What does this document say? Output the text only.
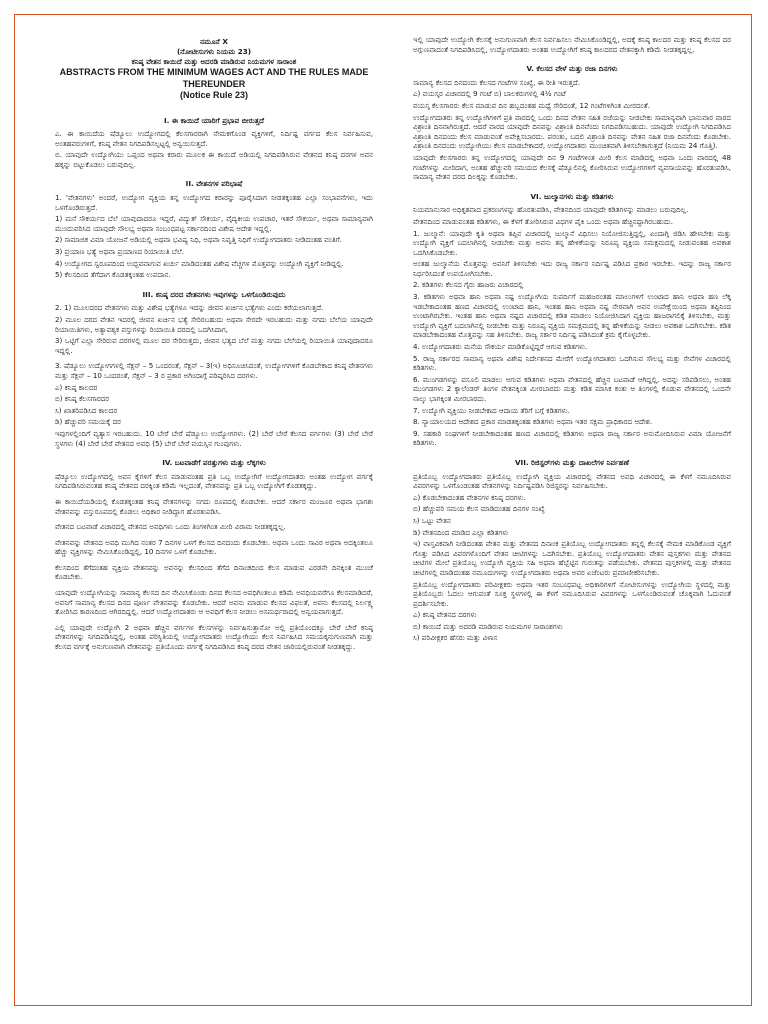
ನಮೂನೆ X
(ನೋಟೀಸುಗಳು ನಿಯಮ 23)
ಕನಿಷ್ಠ ವೇತನ ಕಾಯಿದೆ ಮತ್ತು ಅದರಡಿ ಮಾಡಿರುವ ನಿಯಮಗಳ ಸಾರಾಂಶ
ABSTRACTS FROM THE MINIMUM WAGES ACT AND THE RULES MADE
THEREUNDER
(Notice Rule 23)
I. ಈ ಕಾಯಿದೆ ಯಾರಿಗೆ ಪ್ರಭಾವ ಬೀರುತ್ತದೆ

ಎ. ಈ ಕಾಯಿದೆಯ ಷೆಡ್ಯೂಲು ಉದ್ಯೋಗದಲ್ಲಿ ಕೆಲಸಗಾರರಾಗಿ ನೇಮಕಗೊಂಡ ವ್ಯಕ್ತಿಗಳಿಗೆ, ನಿರ್ದಿಷ್ಟ ವರ್ಗದ ಕೆಲಸ ನಿರ್ವಹಿಸುವ, ಅಂತಹವರುಗಳಿಗೆ, ಕನಿಷ್ಠ ವೇತನ ನಿಗದಿಪಡಿಸಲ್ಪಟ್ಟಲ್ಲಿ ಅನ್ವಯಿಸುತ್ತದೆ.

ಬಿ. ಯಾವುದೇ ಉದ್ಯೋಗಿಯು ಒಪ್ಪಂದ ಅಥವಾ ಕರಾರು ಮೂಲಕ ಈ ಕಾಯಿದೆ ಅಡಿಯಲ್ಲಿ ನಿಗದಿಪಡಿಸಿರುವ ವೇತನದ ಕನಿಷ್ಠ ದರಗಳ ಅವನ ಹಕ್ಕನ್ನು ಬಿಟ್ಟುಕೊಡಲು ಬರುವುದಿಲ್ಲ.

II. ವೇತನಗಳ ಪರಿಭಾಷೆ

1. 'ವೇತನಗಳು' ಅಂದರೆ, ಉದ್ಯೋಗ ವ್ಯಕ್ತಿಯ ತನ್ನ ಉದ್ಯೋಗದ ಕರಾರನ್ನು ಪೂರೈಸಿದಾಗ ನೀಡತಕ್ಕಂತಹ ಎಲ್ಲಾ ಸಂಭಾವನೆಗಳು, ಇದು ಒಳಗೊಂಡಿರುತ್ತದೆ.

1) ಮನೆ ಸೌಕರ್ಯದ ಬೆಲೆ ಯಾವುದಾದರೂ ಇದ್ದರೆ, ವಿದ್ಯುತ್ ಸೌಕರ್ಯ, ವೈದ್ಯಕೀಯ ಉಪಚಾರ, ಇತರೆ ಸೌಕರ್ಯ, ಅಥವಾ ಸಾಮಾನ್ಯವಾಗಿ ಮುಂದುವರಿಸಿದ ಯಾವುದೇ ಸೌಲಭ್ಯ ಅಥವಾ ಸಂಬಂಧಪಟ್ಟ ಸರ್ಕಾರದಿಂದ ವಿಶೇಷ ಆದೇಶ ಇದ್ದಲ್ಲಿ.

2) ಸಾಮಾಜಿಕ ವಿಮಾ ಯೋಜನೆ ಅಡಿಯಲ್ಲಿ ಅಥವಾ ಭವಿಷ್ಯ ನಿಧಿ, ಅಥವಾ ನಿವೃತ್ತಿ ನಿಧಿಗೆ ಉದ್ಯೋಗದಾತರು ನೀಡಿದಂತಹ ವಂತಿಗೆ.

3) ಪ್ರಯಾಣ ಭತ್ಯೆ ಅಥವಾ ಪ್ರಯಾಣದ ರಿಯಾಯಿತಿ ಬೆಲೆ.

4) ಉದ್ಯೋಗದ ಸ್ವರೂಪದಿಂದ ಉದ್ಭವವಾಗುವ ಖರ್ಚು ಮಾಡಿದಂತಹ ವಿಶೇಷ ವೆಚ್ಚಗಳ ಮೊತ್ತವನ್ನು ಉದ್ಯೋಗಿ ವ್ಯಕ್ತಿಗೆ ನೀಡಿದ್ದಲ್ಲಿ.

5) ಕೆಲಸದಿಂದ ತೆಗೆದಾಗ ಕೊಡತಕ್ಕಂತಹ ಉಪದಾನ.

III. ಕನಿಷ್ಠ ದರದ ವೇತನಗಳು ಇವುಗಳನ್ನು ಒಳಗೊಂಡಿರುವುದು

2. 1) ಮೂಲದರದ ವೇತನಗಳು ಮತ್ತು ವಿಶೇಷ ಭತ್ಯೆಗಳೂ ಇದನ್ನು ಜೀವನ ಖರ್ಚಿನ ಭತ್ಯೆಗಳು ಎಂದು ಕರೆಯಲಾಗುತ್ತದೆ.

2) ಮೂಲ ದರದ ವೇತನ ಇದರಲ್ಲಿ ಜೀವನ ಖರ್ಚಿನ ಭತ್ಯೆ ಸೇರಿರಬಹುದು ಅಥವಾ ಸೇರದೇ ಇರಬಹುದು ಮತ್ತು ನಗದು ಬೆಲೆಯ ಯಾವುದೇ ರಿಯಾಯಿತಿಗಳು, ಅತ್ಯಾವಶ್ಯಕ ವಸ್ತುಗಳನ್ನು ರಿಯಾಯಿತಿ ದರದಲ್ಲಿ ಒದಗಿಸಿದಾಗ,

3) ಒಟ್ಟಿಗೆ ಎಲ್ಲಾ ಸೇರಿರುವ ದರಗಳಲ್ಲಿ ಮೂಲ ದರ ಸೇರಿರುತ್ತದು, ಜೀವನ ಭತ್ಯದ ಬೆಲೆ ಮತ್ತು ನಗದು ಬೆಲೆಯಲ್ಲಿ ರಿಯಾಯಿತಿ ಯಾವುದಾದರೂ ಇದ್ದಲ್ಲಿ.

3. ಷೆಡ್ಯೂಲು ಉದ್ಯೋಗಗಳಲ್ಲಿ ಸೆಕ್ಷನ್ – 5 ಒಂದರಂತೆ, ಸೆಕ್ಷನ್ – 3(ಇ) ಅಧಿಸೂಚಿಸಿದಂತೆ, ಉದ್ಯೋಗಗಳಿಗೆ ಕೊಡಬೇಕಾದ ಕನಿಷ್ಠ ವೇತನಗಳು ಮತ್ತು ಸೆಕ್ಷನ್ – 10 ಒಂದರಂತೆ, ಸೆಕ್ಷನ್ – 3 ರ ಪ್ರಕಾರ ಅಗಿಂದಾಗ್ಗೆ ಪರಿಷ್ಕರಿಸಿದ ದರಗಳು.

ಎ) ಕನಿಷ್ಠ ಕಾಲದರ

ಬಿ) ಕನಿಷ್ಠ ಕೆಲಸಗಾರದರ

ಸಿ) ಖಾತರಿಪಡಿಸಿದ ಕಾಲದರ

ಡಿ) ಹೆಚ್ಚುವರಿ ಸಮಯಕ್ಕೆ ದರ

ಇವುಗಳಲ್ಲಿಂದಿಗೆ ವ್ಯತ್ಯಾಸ ಇರಬಹುದು. 10 ಬೇರೆ ಬೇರೆ ಷೆಡ್ಯೂಲು ಉದ್ಯೋಗಗಳು. (2) ಬೇರೆ ಬೇರೆ ಕೆಲಸದ ವರ್ಗಗಳು (3) ಬೇರೆ ಬೇರೆ ಸ್ಥಳಗಳು (4) ಬೇರೆ ಬೇರೆ ವೇತನದ ಅವಧಿ (5) ಬೇರೆ ಬೇರೆ ವಯಸ್ಸಿನ ಗುಂಪುಗಳು.

IV. ಬಟವಾಡೆಗೆ ಪರತ್ತುಗಳು ಮತ್ತು ಲೆಕ್ಕಗಳು

ಷೆಡ್ಯೂಲು ಉದ್ಯೋಗದಲ್ಲಿ ಅವನ ಕೈಗಳಿಗೆ ಕೆಲಸ ಮಾಡುವಂತಹ ಪ್ರತಿ ಒಬ್ಬ ಉದ್ಯೋಗಿಗೆ ಉದ್ಯೋಗದಾತರು ಅಂತಹ ಉದ್ಯೋಗ ವರ್ಗಕ್ಕೆ ನಿಗದಿಪಡಿಸಿರುವಂತಹ ಕನಿಷ್ಠ ವೇತನದ ದರಕ್ಕಿಂತ ಕಡಿಮೆ ಇಲ್ಲದಂತೆ, ವೇತನವನ್ನು ಪ್ರತಿ ಒಬ್ಬ ಉದ್ಯೋಗಿಗೆ ಕೊಡತಕ್ಕದ್ದು.

ಈ ಕಾಯಿದೆಯಡಿಯಲ್ಲಿ ಕೊಡತಕ್ಕಂತಹ ಕನಿಷ್ಠ ವೇತನಗಳನ್ನು ನಗದು ರೂಪದಲ್ಲಿ ಕೊಡಬೇಕು. ಆದರೆ ಸರ್ಕಾರ ಮಂಜೂರ ಅಥವಾ ಭಾಗಶಃ ವೇತನವನ್ನು ವಸ್ತುರೂಪದಲ್ಲಿ ಕೊಡಲು ಅಧಿಕಾರ ನೀಡಿದ್ದಾಗ ಹೊರತುಪಡಿಸಿ.

ವೇತನದ ಬಟವಾಡೆ ವಿಚಾರದಲ್ಲಿ ವೇತನದ ಅವಧಿಗಳು ಒಂದು ತಿಂಗಳಿಗಿಂತ ಮೀರಿ ವಿರಾಮ ನೀಡತಕ್ಕದ್ದಲ್ಲ.

ವೇತನವನ್ನು ವೇತನದ ಅವಧಿ ಮುಗಿದ ನಂತರ 7 ದಿನಗಳ ಒಳಗೆ ಕೆಲಸದ ದಿನದಂದು ಕೊಡಬೇಕು. ಅಥವಾ ಒಂದು ಸಾವಿರ ಅಥವಾ ಅದಕ್ಕಿಂತಲೂ ಹೆಚ್ಚು ವ್ಯಕ್ತಿಗಳನ್ನು ನೇಮಿಸಿಕೊಂಡಿದ್ದಲ್ಲಿ, 10 ದಿನಗಳ ಒಳಗೆ ಕೊಡಬೇಕು.

ಕೆಲಸದಿಂದ ತೆಗೆದಂತಹ ವ್ಯಕ್ತಿಯ ವೇತನವನ್ನು ಅವನನ್ನು ಕೆಲಸದಿಂದ ತೆಗೆದ ದಿನಾಂಕದಿಂದ ಕೆಲಸ ಮಾಡುವ ಎರಡನೇ ದಿನಕ್ಕಿಂತ ಮುಂಚೆ ಕೊಡಬೇಕು.

ಯಾವುದೇ ಉದ್ಯೋಗಿಯನ್ನು ಸಾಮಾನ್ಯ ಕೆಲಸದ ದಿನ ನೇಮಿಸಿಕೊಂಡು ದಿನದ ಕೆಲಸದ ಅವಧಿಗಿಂತಲೂ ಕಡಿಮೆ ಅವಧಿಯವರೆಗೂ ಕೆಲಸಮಾಡಿದರೆ, ಅವನಿಗೆ ಸಾಮಾನ್ಯ ಕೆಲಸದ ದಿನದ ಪೂರ್ಣ ವೇತನವನ್ನು ಕೊಡಬೇಕು. ಆದರೆ ಅವನು ಮಾಡುವ ಕೆಲಸದ ವಿಫಲತೆ, ಅವನು ಕೆಲಸದಲ್ಲಿ ನಿರ್ಲಕ್ಷ್ಯ ತೋರಿಸಿದ ಕಾರಣದಿಂದ ಆಗಿರದಿದ್ದಲ್ಲಿ. ಆದರೆ ಉದ್ಯೋಗದಾತರು ಆ ಅವಧಿಗೆ ಕೆಲಸ ನೀಡಲು ಅಸಮರ್ಥರಾದಲ್ಲಿ ಅನ್ವಯವಾಗುತ್ತದೆ.

ಎಲ್ಲಿ ಯಾವುದೇ ಉದ್ಯೋಗಿ 2 ಅಥವಾ ಹೆಚ್ಚಿನ ವರ್ಗಗಳ ಕೆಲಸಗಳನ್ನು ನಿರ್ವಹಿಸುತ್ತಾನೋ ಅಲ್ಲಿ ಪ್ರತಿಯೊಂದಕ್ಕೂ ಬೇರೆ ಬೇರೆ ಕನಿಷ್ಠ ವೇತನಗಳನ್ನು ನಿಗದಿಪಡಿಸಿದ್ದಲ್ಲಿ, ಅಂತಹ ಪರಿಸ್ಥಿತಿಯಲ್ಲಿ ಉದ್ಯೋಗದಾತರು ಉದ್ಯೋಗಿಯು ಕೆಲಸ ನಿರ್ವಹಿಸಿದ ಸಮಯಕ್ಕನುಗುಣವಾಗಿ ಮತ್ತು ಕೆಲಸದ ವರ್ಗಕ್ಕೆ ಅನುಗುಣವಾಗಿ ವೇತನವನ್ನು ಪ್ರತಿಯೊಂದು ವರ್ಗಕ್ಕೆ ನಿಗದಿಪಡಿಸಿದ ಕನಿಷ್ಠ ದರದ ವೇತನ ಜಾರಿಯಲ್ಲಿರುವಂತೆ ನೀಡತಕ್ಕದ್ದು.

ಇಲ್ಲಿ ಯಾವುದೇ ಉದ್ಯೋಗಿ ಕೆಲಸಕ್ಕೆ ಅನುಗುಣವಾಗಿ ಕೆಲಸ ನಿರ್ವಹಿಸಲು ನೇಮಿಸಿಕೊಂಡಿದ್ದಲ್ಲಿ, ಅದಕ್ಕೆ ಕನಿಷ್ಠ ಕಾಲದರ ಮತ್ತು ಕನಿಷ್ಠ ಕೆಲಸದ ದರ ಅಗ್ಗುಣವಾದಂತೆ ನಿಗದಿಪಡಿಸಿದಲ್ಲಿ, ಉದ್ಯೋಗದಾತರು ಅಂತಹ ಉದ್ಯೋಗಿಗೆ ಕನಿಷ್ಠ ಕಾಲದರದ ವೇತನಕ್ಕಾಗಿ ಕಡಿಮೆ ನೀಡತಕ್ಕದ್ದಲ್ಲ.

V. ಕೆಲಸದ ವೇಳೆ ಮತ್ತು ರಜಾ ದಿನಗಳು

ಸಾಮಾನ್ಯ ಕೆಲಸದ ದಿನದಂದು ಕೆಲಸದ ಗಂಟೆಗಳ ಸಂಖ್ಯೆ, ಈ ರೀತಿ ಇರುತ್ತದೆ.

ಎ) ವಯಸ್ಕರ ವಿಚಾರದಲ್ಲಿ 9 ಗಂಟೆ ಬಿ) ಬಾಲಕರುಗಳಲ್ಲಿ 4½ ಗಂಟೆ

ವಯಸ್ಕ ಕೆಲಸಗಾರರು ಕೆಲಸ ಮಾಡುವ ದಿನ ಹಬ್ಬದಂತಹ ಮಧ್ಯೆ ಸೇರಿದಂತೆ, 12 ಗಂಟೆಗಳಿಗಿಂತ ಮೀರದಂತೆ.

ಉದ್ಯೋಗದಾತರು ತನ್ನ ಉದ್ಯೋಗಿಗಳಿಗೆ ಪ್ರತಿ ವಾರದಲ್ಲಿ ಒಂದು ದಿನದ ವೇತನ ಸಹಿತ ರಜೆಯನ್ನು ನೀಡಬೇಕು ಸಾಮಾನ್ಯವಾಗಿ ಭಾನುವಾರ ವಾರದ ವಿಶ್ರಾಂತಿ ದಿನವಾಗಿರುತ್ತದೆ. ಆದರೆ ವಾರದ ಯಾವುದೇ ದಿನವನ್ನು ವಿಶ್ರಾಂತಿ ದಿನವೆಂದು ನಿಗದಿಪಡಿಸಬಹುದು. ಯಾವುದೇ ಉದ್ಯೋಗಿ ನಿಗದಿಪಡಿಸಿದ ವಿಶ್ರಾಂತಿ ದಿನದಂದು ಕೆಲಸ ಮಾಡುವಂತೆ ಅಪೇಕ್ಷಿಸಬಾರದು. ಪರಂತು, ಬದಲಿ ವಿಶ್ರಾಂತಿ ದಿನವನ್ನು ವೇತನ ಸಹಿತ ರಜಾ ದಿನವೆಂದು ಕೊಡಬೇಕು. ವಿಶ್ರಾಂತಿ ದಿನದಂದು ಉದ್ಯೋಗಿಯು ಕೆಲಸ ಮಾಡಬೇಕಾದರೆ, ಉದ್ಯೋಗದಾತರು ಮುಂಚಿತವಾಗಿ ತಿಳಿಸಬೇಕಾಗುತ್ತದೆ (ನಿಯಮ 24 ಗೊತ್ತಿ).

ಯಾವುದೇ ಕೆಲಸಗಾರರು ತನ್ನ ಉದ್ಯೋಗದಲ್ಲಿ ಯಾವುದೇ ದಿನ 9 ಗಂಟೆಗಳಿಂತ ಮೀರಿ ಕೆಲಸ ಮಾಡಿದಲ್ಲಿ ಅಥವಾ ಒಂದು ವಾರದಲ್ಲಿ 48 ಗಂಟೆಗಳನ್ನು ಮೀರಿದಾಗ, ಅಂತಹ ಹೆಚ್ಚುವರಿ ಸಮಯದ ಕೆಲಸಕ್ಕೆ ಷೆಡ್ಯೂಲಿನಲ್ಲಿ ಕೋರಿಸಿರುವ ಉದ್ಯೋಗಗಳಿಗೆ ವ್ಯವಸಾಯವನ್ನು ಹೊರತುಪಡಿಸಿ, ಸಾಮಾನ್ಯ ವೇತನ ದರದ ದಿಲಕ್ಕನ್ನು ಕೊಡಬೇಕು.

VI. ಜುಲ್ಮಾನಗಳು ಮತ್ತು ಕಡಿತಗಳು

ನಿಯಮಾನುಸಾರ ಅಧಿಕೃತವಾದ ಪ್ರಕರಣಗಳನ್ನು ಹೊರತುಪಡಿಸಿ, ವೇತನದಿಂದ ಯಾವುದೇ ಕಡಿತಗಳನ್ನು ಮಾಡಲು ಬರುವುದಿಲ್ಲ.

ವೇತನದಿಂದ ಮಾಡುವಂತಹ ಕಡಿತಗಳು, ಈ ಕೆಳಗೆ ತೋರಿಸಿರುವ ವಿಧಗಳ ಪೈಕಿ ಒಂದು ಅಥವಾ ಹೆಚ್ಚಿನದ್ದಾಗಿರಬಹುದು.

1. ಜುಲ್ಮಾನೆ: ಯಾವುದೇ ಕೃತಿ ಅಥವಾ ತಪ್ಪಿನ ವಿಚಾರದಲ್ಲಿ ಜುಲ್ಮಾನೆ ವಿಧಿಸಲು ನಿಯೋಜಿಸುತ್ತಿದ್ದಲ್ಲಿ, ಏಂದಾಗ್ಗಿ ಜಿಡಿಸಿ ಹೇಳಬೇಕು ಮತ್ತು ಉದ್ಯೋಗಿ ವ್ಯಕ್ತಿಗೆ ಬದಲಾಗಿನಲ್ಲಿ ನೀಡಬೇಕು ಮತ್ತು ಅವನು ತನ್ನ ಹೇಳಿಕೆಯನ್ನು ನಿರೂಪ್ಯ ವ್ಯಕ್ತಿಯ ಸಮಕ್ಷಮದಲ್ಲಿ ನೀಡುವಂತಹ ಅವಕಾಶ ಒದಗಿಸಿಕೊಡಬೇಕು.

ಅಂತಹ ಜುಲ್ಮಾನೆಯ ಮೊತ್ತವನ್ನು ಅವನಿಗೆ ತಿಳಿಸಬೇಕು ಇದು ರಾಜ್ಯ ಸರ್ಕಾರ ನಿರ್ದಿಷ್ಟ ಪಡಿಸಿದ ಪ್ರಕಾರ ಇರಬೇಕು. ಇದನ್ನು ರಾಜ್ಯ ಸರ್ಕಾರ ನಿರ್ಧರಿಸಿದಂತೆ ಉಪಯೋಗಿಸಬೇಕು.

2. ಕಡಿತಗಳು ಕೆಲಸದ ಗೈರು ಹಾಜರು ವಿಚಾರದಲ್ಲಿ

3. ಕಡಿತಗಳು ಅಥವಾ ಹಾನಿ ಅಥವಾ ನಷ್ಟ ಉದ್ಯೋಗಿಯ ಸುಪರ್ದಿಗೆ ಮಹಜರಂತಹ ಮಾಲುಗಳಿಗೆ ಉಂಟಾದ ಹಾನಿ ಅಥವಾ ಹಣ ಲೆಕ್ಕ ಇಡಬೇಕಾದಂತಹ ಹಣದ ವಿಚಾರದಲ್ಲಿ ಉಂಟಾದ ಹಾನಿ, ಇಂತಹ ಹಾನಿ ಅಥವಾ ನಷ್ಟ ನೇರವಾಗಿ ಅವನ ಉಪೇಕ್ಷೆಯಿಂದ ಅಥವಾ ತಪ್ಪಿನಿಂದ ಉಂಟಾಗಿರಬೇಕು. ಇಂತಹ ಹಾನಿ ಅಥವಾ ನಷ್ಟದ ವಿಚಾರದಲ್ಲಿ ಕಡಿತ ಮಾಡಲು ನಿಯೋಜಿಸಿದಾಗ ವ್ಯಕ್ತಿಯ ಹಾಜರಾಗಲಿಕ್ಕೆ ತಿಳಿಸಬೇಕು, ಮತ್ತು ಉದ್ಯೋಗಿ ವ್ಯಕ್ತಿಗೆ ಬದಲಾಗಿನಲ್ಲಿ ನೀಡಬೇಕು ಮತ್ತು ನಿರೂಪ್ಯ ವ್ಯಕ್ತಿಯ ಸಮಕ್ಷಮದಲ್ಲಿ ತನ್ನ ಹೇಳಿಕೆಯನ್ನು ನೀಡಲು ಅವಕಾಶ ಒದಗಿಸಬೇಕು. ಕಡಿತ ಮಾಡಬೇಕಾದಂತಹ ಮೊತ್ತವನ್ನು ಸಹ ತಿಳಿಸಬೇಕು. ರಾಜ್ಯ ಸರ್ಕಾರ ನಿರ್ದಿಷ್ಟ ಪಡಿಸಿದಂತೆ ಕ್ರಮ ಕೈಗೊಳ್ಳಬೇಕು.

4. ಉದ್ಯೋಗದಾತರು ಮನೆಯ ಸೌಕರ್ಯ ಮಾಡಿಕೊಟ್ಟಿದ್ದರೆ ಆಗುವ ಕಡಿತಗಳು.

5. ರಾಜ್ಯ ಸರ್ಕಾರದ ಸಾಮಾನ್ಯ ಅಥವಾ ವಿಶೇಷ ನಿರ್ದೇಶನದ ಮೇರೆಗೆ ಉದ್ಯೋಗದಾತರು ಒದಗಿಸುವ ಸೌಲಭ್ಯ ಮತ್ತು ಸೇವೆಗಳ ವಿಚಾರದಲ್ಲಿ ಕಡಿತಗಳು.

6. ಮುಂಗಡಗಳನ್ನು ವಸೂಲಿ ಮಾಡಲು ಆಗುವ ಕಡಿತಗಳು ಅಥವಾ ವೇತನದಲ್ಲಿ ಹೆಚ್ಚಿನ ಬಟವಾಡೆ ಆಗಿದ್ದಲ್ಲಿ, ಅದನ್ನು ಸರಿಪಡಿಸಲು, ಅಂತಹ ಮುಂಗಡಗಳು 2 ಕ್ಯಾಲೆಂಡರ್ ತಿಂಗಳ ವೇತನಕ್ಕಿಂತ ಮೀರಬಾರದು ಮತ್ತು ಕಡಿತ ಮಾಸಿಕ ಕಂತು ಆ ತಿಂಗಳಲ್ಲಿ ಕೊಡುವ ವೇತನದಲ್ಲಿ ಒಂದನೇ ನಾಲ್ಕು ಭಾಗಕ್ಕಿಂತ ಮೀರಬಾರದು.

7. ಉದ್ಯೋಗಿ ವ್ಯಕ್ತಿಯು ನೀಡಬೇಕಾದ ಆದಾಯ ತೆರಿಗೆ ಬಗ್ಗೆ ಕಡಿತಗಳು.

8. ನ್ಯಾಯಾಲಯದ ಆದೇಶದ ಪ್ರಕಾರ ಮಾಡತಕ್ಕಂತಹ ಕಡಿತಗಳು ಅಥವಾ ಇತರ ಸಕ್ಷಮ ಪ್ರಾಧಿಕಾರದ ಆದೇಶ.

9. ಸಹಕಾರಿ ಸಂಘಗಳಿಗೆ ನೀಡಬೇಕಾದಂತಹ ಹಣದ ವಿಚಾರದಲ್ಲಿ ಕಡಿತಗಳು ಅಥವಾ ರಾಜ್ಯ ಸರ್ಕಾರ ಅನುಮೋದಿಸಿರುವ ವಿಮಾ ಯೋಜನೆಗೆ ಕಡಿತಗಳು.

VII. ರಿಜಿಸ್ಟರ್‌ಗಳು ಮತ್ತು ದಾಖಲೆಗಳ ನಿರ್ವಹಣೆ

ಪ್ರತಿಯೊಬ್ಬ ಉದ್ಯೋಗದಾತರು ಪ್ರತಿಯೊಬ್ಬ ಉದ್ಯೋಗಿ ವ್ಯಕ್ತಿಯ ವಿಚಾರದಲ್ಲಿ ವೇತನದ ಅವಧಿ ವಿಚಾರದಲ್ಲಿ ಈ ಕೆಳಗೆ ನಮೂದಿಸಿರುವ ವಿವರಗಳನ್ನು ಒಳಗೊಂಡಂತಹ ವೇತನಗಳನ್ನು ನಿರ್ದಿಷ್ಟಪಡಿಸಿ ರಿಜಿಸ್ಟರನ್ನು ನಿರ್ವಹಿಸಬೇಕು.

ಎ) ಕೊಡಬೇಕಾದಂತಹ ವೇತನಗಳ ಕನಿಷ್ಠ ದರಗಳು.

ಬಿ) ಹೆಚ್ಚುವರಿ ಸಮಯ ಕೆಲಸ ಮಾಡಿದಂತಹ ದಿನಗಳ ಸಂಖ್ಯೆ

ಸಿ) ಒಟ್ಟು ವೇತನ

ಡಿ) ವೇತನದಿಂದ ಮಾಡಿದ ಎಲ್ಲಾ ಕಡಿತಗಳು

ಇ) ವಾಸ್ತವಿಕವಾಗಿ ನೀಡಿದಂತಹ ವೇತನ ಮತ್ತು ವೇತನದ ದಿನಾಂಕ ಪ್ರತಿಯೊಬ್ಬ ಉದ್ಯೋಗದಾತರು ತನ್ನಲ್ಲಿ ಕೆಲಸಕ್ಕೆ ನೇಮಕ ಮಾಡಿಕೊಂಡ ವ್ಯಕ್ತಿಗೆ ಗೊತ್ತು ಪಡಿಸಿದ ವಿವರಗಳೊಂದಿಗೆ ವೇತನ ಚೀಟಿಗಳನ್ನು ಒದಗಿಸಬೇಕು. ಪ್ರತಿಯೊಬ್ಬ ಉದ್ಯೋಗದಾತರು ವೇತನ ಪುಸ್ತಕಗಳು ಮತ್ತು ವೇತನದ ಚೀಟಿಗಳ ಮೇಲೆ ಪ್ರತಿಯೊಬ್ಬ ಉದ್ಯೋಗಿ ವ್ಯಕ್ತಿಯ ಸಹಿ ಅಥವಾ ಹೆಬ್ಬೆಟ್ಟಿನ ಗುರುತನ್ನು ಪಡೆಯಬೇಕು. ವೇತನದ ಪುಸ್ತಕಗಳಲ್ಲಿ ಮತ್ತು ವೇತನದ ಚೀಟಿಗಳಲ್ಲಿ ಮಾಡಿದಂತಹ ನಮೂದುಗಳನ್ನು ಉದ್ಯೋಗದಾತರು ಅಥವಾ ಅವರ ಏಜೆಂಟರು ಪ್ರಮಾಣೀಕರಿಸಬೇಕು.

ಪ್ರತಿಯೊಬ್ಬ ಉದ್ಯೋಗದಾತರು ಪರಿವೀಕ್ಷಕರು ಅಥವಾ ಇತರ ಸಂಬಂಧಪಟ್ಟ ಅಧಿಕಾರಿಗಳಿಗೆ ನೋಟೀಸುಗಳನ್ನು ಉದ್ಯೋಗಿಯ ಸ್ಥಳದಲ್ಲಿ ಮತ್ತು ಪ್ರತಿಯೊಬ್ಬರು ಓದಲು ಆಗುವಂತೆ ಸೂಕ್ತ ಸ್ಥಳಗಳಲ್ಲಿ ಈ ಕೆಳಗೆ ನಮೂದಿಸಿರುವ ವಿವರಗಳನ್ನು ಒಳಗೊಂಡಿರುವಂತೆ ಚೊಕ್ಕವಾಗಿ ಓದುವಂತೆ ಪ್ರದರ್ಶಿಸಬೇಕು.

ಎ) ಕನಿಷ್ಠ ವೇತನದ ದರಗಳು

ಬಿ) ಕಾಯಿದೆ ಮತ್ತು ಅದರಡಿ ಮಾಡಿರುವ ನಿಯಮಗಳ ಸಾರಾಂಶಗಳು

ಸಿ) ಪರಿವೀಕ್ಷಕರ ಹೆಸರು ಮತ್ತು ವಿಳಾಸ
